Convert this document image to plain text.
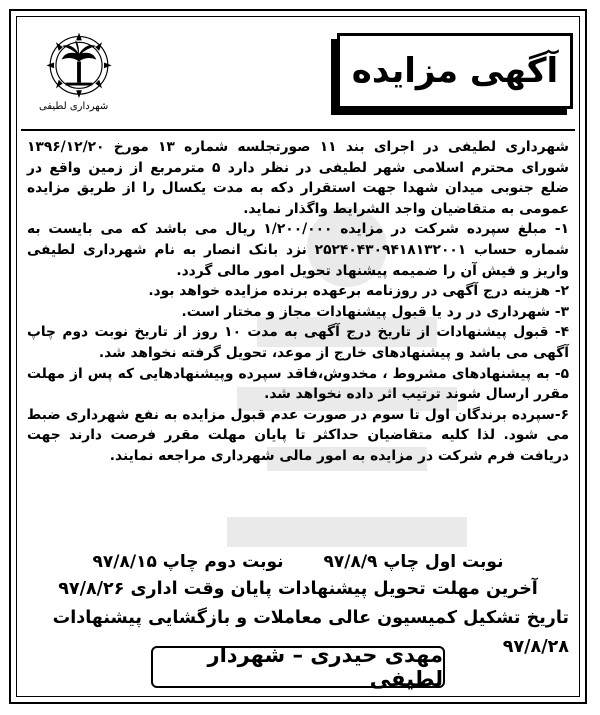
شهرداری لطیفی
آگهی مزایده

شهرداری لطیفی در اجرای بند ۱۱ صورتجلسه شماره ۱۳ مورخ ۱۳۹۶/۱۲/۲۰ شورای محترم اسلامی شهر لطیفی در نظر دارد ۵ مترمربع از زمین واقع در ضلع جنوبی میدان شهدا جهت استقرار دکه به مدت یکسال را از طریق مزایده عمومی به متقاضیان واجد الشرایط واگذار نماید.

۱- مبلغ سپرده شرکت در مزایده ۱/۲۰۰/۰۰۰ ریال می باشد که می بایست به شماره حساب ۲۵۲۴۰۴۳۰۹۴۱۸۱۳۲۰۰۱ نزد بانک انصار به نام شهرداری لطیفی واریز و فیش آن را ضمیمه پیشنهاد تحویل امور مالی گردد.

۲- هزینه درج آگهی در روزنامه برعهده برنده مزایده خواهد بود.

۳- شهرداری در رد یا قبول پیشنهادات مجاز و مختار است.

۴- قبول پیشنهادات از تاریخ درج آگهی به مدت ۱۰ روز از تاریخ نوبت دوم چاپ آگهی می باشد و پیشنهادهای خارج از موعد، تحویل گرفته نخواهد شد.

۵- به پیشنهادهای مشروط ، مخدوش،فاقد سپرده وپیشنهادهایی که پس از مهلت مقرر ارسال شوند ترتیب اثر داده نخواهد شد.

۶-سپرده برندگان اول تا سوم در صورت عدم قبول مزایده به نفع شهرداری ضبط می شود. لذا کلیه متقاضیان حداکثر تا پایان مهلت مقرر فرصت دارند جهت دریافت فرم شرکت در مزایده به امور مالی شهرداری مراجعه نمایند.

نوبت اول چاپ ۹۷/۸/۹
نوبت دوم چاپ ۹۷/۸/۱۵
آخرین مهلت تحویل پیشنهادات پایان وقت اداری ۹۷/۸/۲۶
تاریخ تشکیل کمیسیون عالی معاملات و بازگشایی پیشنهادات ۹۷/۸/۲۸
مهدی حیدری – شهردار لطیفی
